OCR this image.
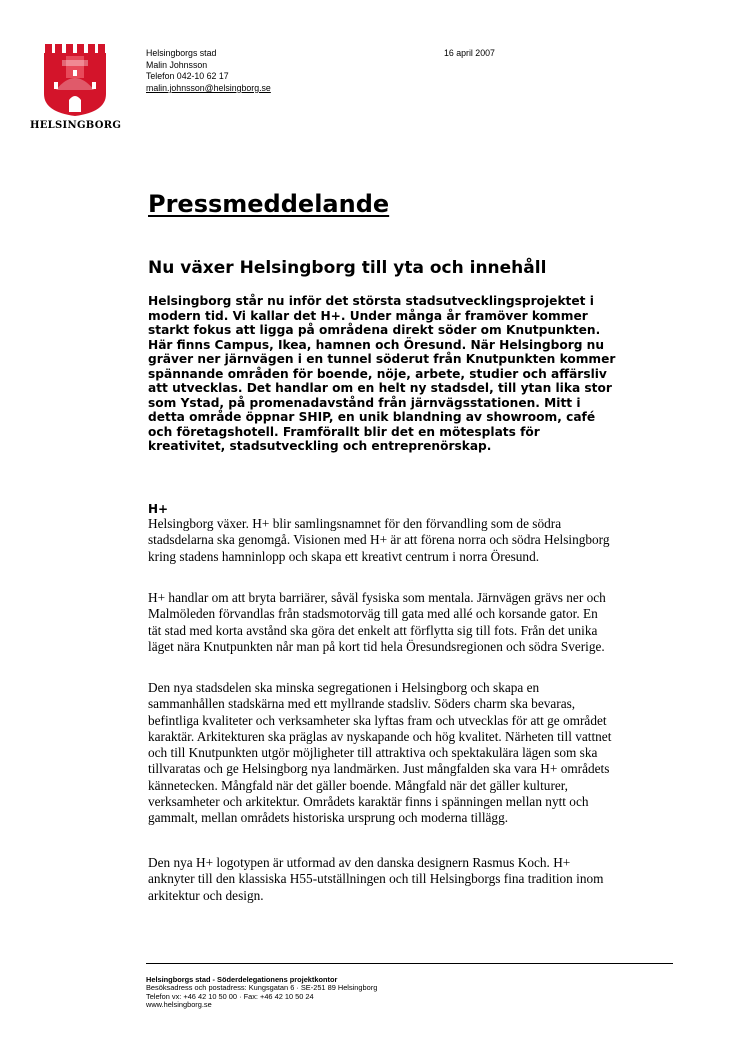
HELSINGBORG
Helsingborgs stad
Malin Johnsson
Telefon 042-10 62 17
malin.johnsson@helsingborg.se
16 april 2007
Pressmeddelande
Nu växer Helsingborg till yta och innehåll
Helsingborg står nu inför det största stadsutvecklingsprojektet i
modern tid. Vi kallar det H+. Under många år framöver kommer
starkt fokus att ligga på områdena direkt söder om Knutpunkten.
Här finns Campus, Ikea, hamnen och Öresund. När Helsingborg nu
gräver ner järnvägen i en tunnel söderut från Knutpunkten kommer
spännande områden för boende, nöje, arbete, studier och affärsliv
att utvecklas. Det handlar om en helt ny stadsdel, till ytan lika stor
som Ystad, på promenadavstånd från järnvägsstationen. Mitt i
detta område öppnar SHIP, en unik blandning av showroom, café
och företagshotell. Framförallt blir det en mötesplats för
kreativitet, stadsutveckling och entreprenörskap.
H+
Helsingborg växer. H+ blir samlingsnamnet för den förvandling som de södra
stadsdelarna ska genomgå. Visionen med H+ är att förena norra och södra Helsingborg
kring stadens hamninlopp och skapa ett kreativt centrum i norra Öresund.
H+ handlar om att bryta barriärer, såväl fysiska som mentala. Järnvägen grävs ner och
Malmöleden förvandlas från stadsmotorväg till gata med allé och korsande gator. En
tät stad med korta avstånd ska göra det enkelt att förflytta sig till fots. Från det unika
läget nära Knutpunkten når man på kort tid hela Öresundsregionen och södra Sverige.
Den nya stadsdelen ska minska segregationen i Helsingborg och skapa en
sammanhållen stadskärna med ett myllrande stadsliv. Söders charm ska bevaras,
befintliga kvaliteter och verksamheter ska lyftas fram och utvecklas för att ge området
karaktär. Arkitekturen ska präglas av nyskapande och hög kvalitet. Närheten till vattnet
och till Knutpunkten utgör möjligheter till attraktiva och spektakulära lägen som ska
tillvaratas och ge Helsingborg nya landmärken. Just mångfalden ska vara H+ områdets
kännetecken. Mångfald när det gäller boende. Mångfald när det gäller kulturer,
verksamheter och arkitektur. Områdets karaktär finns i spänningen mellan nytt och
gammalt, mellan områdets historiska ursprung och moderna tillägg.
Den nya H+ logotypen är utformad av den danska designern Rasmus Koch. H+
anknyter till den klassiska H55-utställningen och till Helsingborgs fina tradition inom
arkitektur och design.
Helsingborgs stad - Söderdelegationens projektkontor
Besöksadress och postadress: Kungsgatan 6 · SE-251 89 Helsingborg
Telefon vx: +46 42 10 50 00 · Fax: +46 42 10 50 24
www.helsingborg.se
